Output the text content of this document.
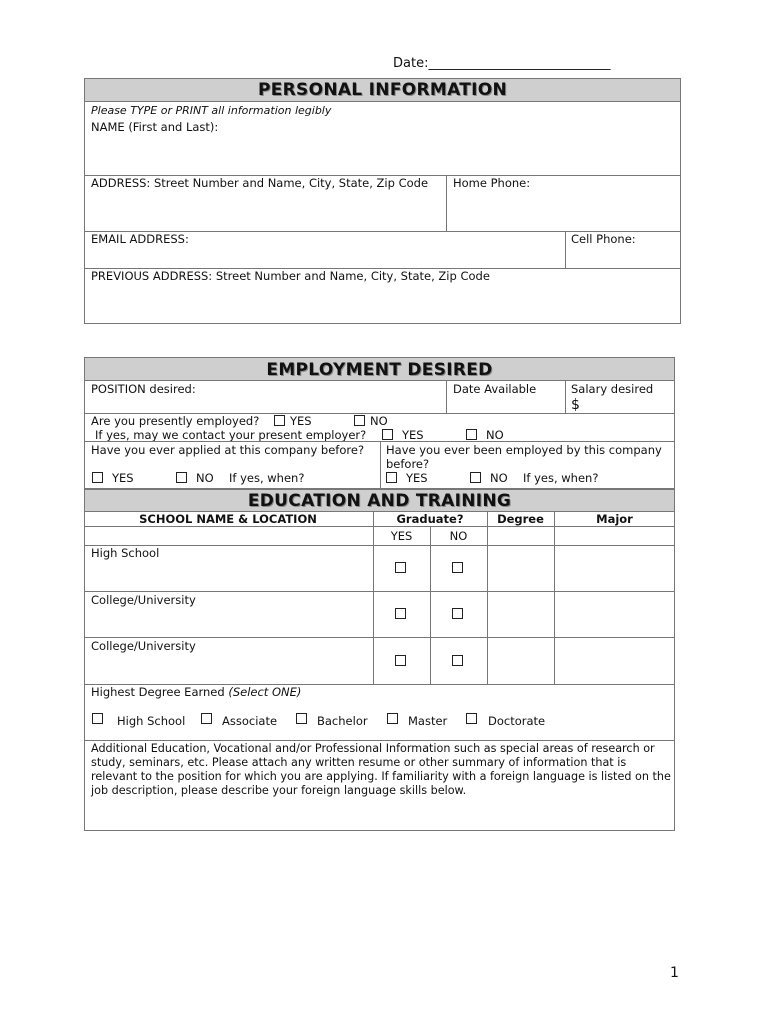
Date:____________________________
PERSONAL INFORMATION
Please TYPE or PRINT all information legibly
NAME (First and Last):
ADDRESS: Street Number and Name, City, State, Zip Code Home Phone:
EMAIL ADDRESS:	Cell Phone:
PREVIOUS ADDRESS: Street Number and Name, City, State, Zip Code
EMPLOYMENT DESIRED
POSITION desired:	Date Available	Salary desired
$
Are you presently employed?	YES	NO
If yes, may we contact your present employer?	YES	NO
Have you ever applied at this company before?
YES	NO If yes, when?
Have you ever been employed by this company before?
YES	NO If yes, when?
EDUCATION AND TRAINING
SCHOOL NAME & LOCATION	Graduate?	Degree	Major
YES	NO
High School
College/University
College/University
Highest Degree Earned (Select ONE)
High School	Associate	Bachelor	Master	Doctorate
Additional Education, Vocational and/or Professional Information such as special areas of research or study, seminars, etc. Please attach any written resume or other summary of information that is relevant to the position for which you are applying. If familiarity with a foreign language is listed on the job description, please describe your foreign language skills below.
1
